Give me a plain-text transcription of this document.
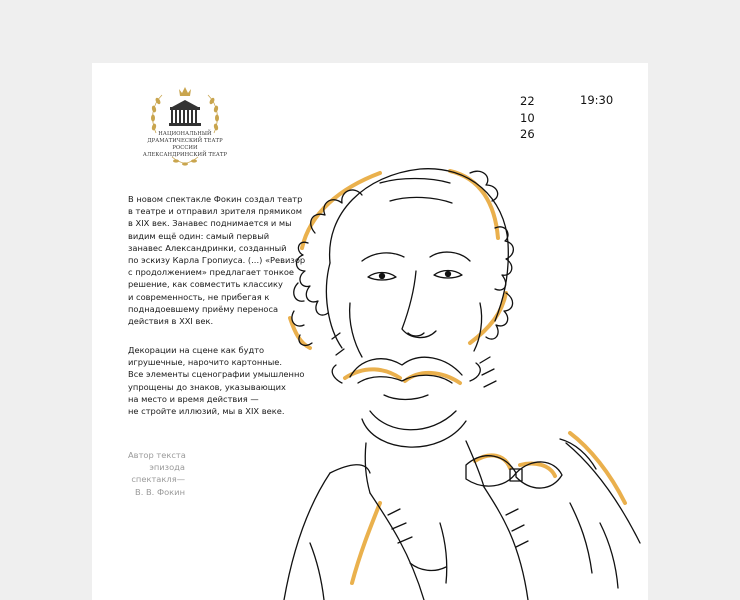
НАЦИОНАЛЬНЫЙ
ДРАМАТИЧЕСКИЙ ТЕАТР РОССИИ
АЛЕКСАНДРИНСКИЙ ТЕАТР
22
10
26
19:30
В новом спектакле Фокин создал театр
в театре и отправил зрителя прямиком
в XIX век. Занавес поднимается и мы
видим ещё один: самый первый
занавес Александринки, созданный
по эскизу Карла Гропиуса. (...) «Ревизор
с продолжением» предлагает тонкое
решение, как совместить классику
и современность, не прибегая к
поднадоевшему приёму переноса
действия в XXI век.
Декорации на сцене как будто
игрушечные, нарочито картонные.
Все элементы сценографии умышленно
упрощены до знаков, указывающих
на место и время действия —
не стройте иллюзий, мы в XIX веке.
Автор текста
эпизода
спектакля—
В. В. Фокин
